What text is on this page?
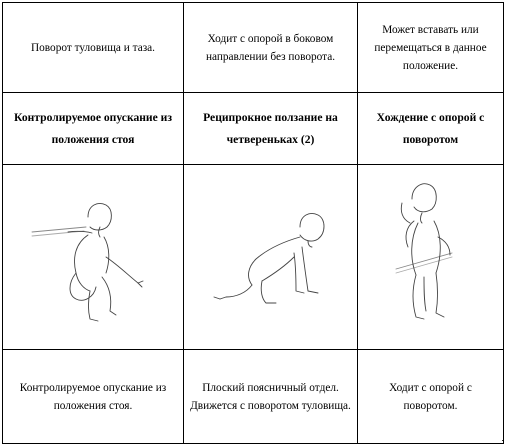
Поворот туловища и таза.	Ходит с опорой в боковом направлении без поворота.	Может вставать или перемещаться в данное положение.
Контролируемое опускание из положения стоя	Реципрокное ползание на четвереньках (2)	Хождение с опорой с поворотом

Контролируемое опускание из положения стоя.	Плоский поясничный отдел. Движется с поворотом туловища.	Ходит с опорой с поворотом.
·
